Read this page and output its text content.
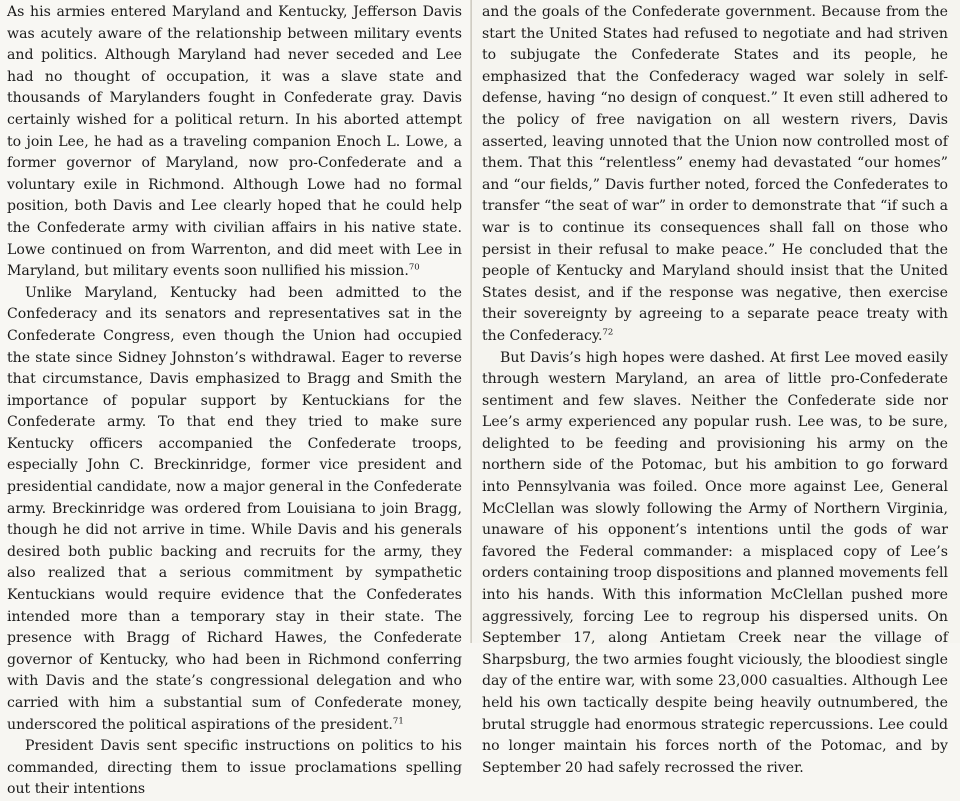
As his armies entered Maryland and Kentucky, Jefferson Davis was acutely aware of the relationship between military events and politics. Although Maryland had never seceded and Lee had no thought of occupation, it was a slave state and thousands of Marylanders fought in Confederate gray. Davis certainly wished for a political return. In his aborted attempt to join Lee, he had as a traveling companion Enoch L. Lowe, a former governor of Maryland, now pro-Confederate and a voluntary exile in Richmond. Although Lowe had no formal position, both Davis and Lee clearly hoped that he could help the Confederate army with civilian affairs in his native state. Lowe continued on from Warrenton, and did meet with Lee in Maryland, but military events soon nullified his mission.$^{70}$

Unlike Maryland, Kentucky had been admitted to the Confederacy and its senators and representatives sat in the Confederate Congress, even though the Union had occupied the state since Sidney Johnston’s withdrawal. Eager to reverse that circumstance, Davis emphasized to Bragg and Smith the importance of popular support by Kentuckians for the Confederate army. To that end they tried to make sure Kentucky officers accompanied the Confederate troops, especially John C. Breckinridge, former vice president and presidential candidate, now a major general in the Confederate army. Breckinridge was ordered from Louisiana to join Bragg, though he did not arrive in time. While Davis and his generals desired both public backing and recruits for the army, they also realized that a serious commitment by sympathetic Kentuckians would require evidence that the Confederates intended more than a temporary stay in their state. The presence with Bragg of Richard Hawes, the Confederate governor of Kentucky, who had been in Richmond conferring with Davis and the state’s congressional delegation and who carried with him a substantial sum of Confederate money, underscored the political aspirations of the president.$^{71}$

President Davis sent specific instructions on politics to his commanded, directing them to issue proclamations spelling out their intentions

and the goals of the Confederate government. Because from the start the United States had refused to negotiate and had striven to subjugate the Confederate States and its people, he emphasized that the Confederacy waged war solely in self-defense, having “no design of conquest.” It even still adhered to the policy of free navigation on all western rivers, Davis asserted, leaving unnoted that the Union now controlled most of them. That this “relentless” enemy had devastated “our homes” and “our fields,” Davis further noted, forced the Confederates to transfer “the seat of war” in order to demonstrate that “if such a war is to continue its consequences shall fall on those who persist in their refusal to make peace.” He concluded that the people of Kentucky and Maryland should insist that the United States desist, and if the response was negative, then exercise their sovereignty by agreeing to a separate peace treaty with the Confederacy.$^{72}$

But Davis’s high hopes were dashed. At first Lee moved easily through western Maryland, an area of little pro-Confederate sentiment and few slaves. Neither the Confederate side nor Lee’s army experienced any popular rush. Lee was, to be sure, delighted to be feeding and provisioning his army on the northern side of the Potomac, but his ambition to go forward into Pennsylvania was foiled. Once more against Lee, General McClellan was slowly following the Army of Northern Virginia, unaware of his opponent’s intentions until the gods of war favored the Federal commander: a misplaced copy of Lee’s orders containing troop dispositions and planned movements fell into his hands. With this information McClellan pushed more aggressively, forcing Lee to regroup his dispersed units. On September 17, along Antietam Creek near the village of Sharpsburg, the two armies fought viciously, the bloodiest single day of the entire war, with some 23,000 casualties. Although Lee held his own tactically despite being heavily outnumbered, the brutal struggle had enormous strategic repercussions. Lee could no longer maintain his forces north of the Potomac, and by September 20 had safely recrossed the river.
